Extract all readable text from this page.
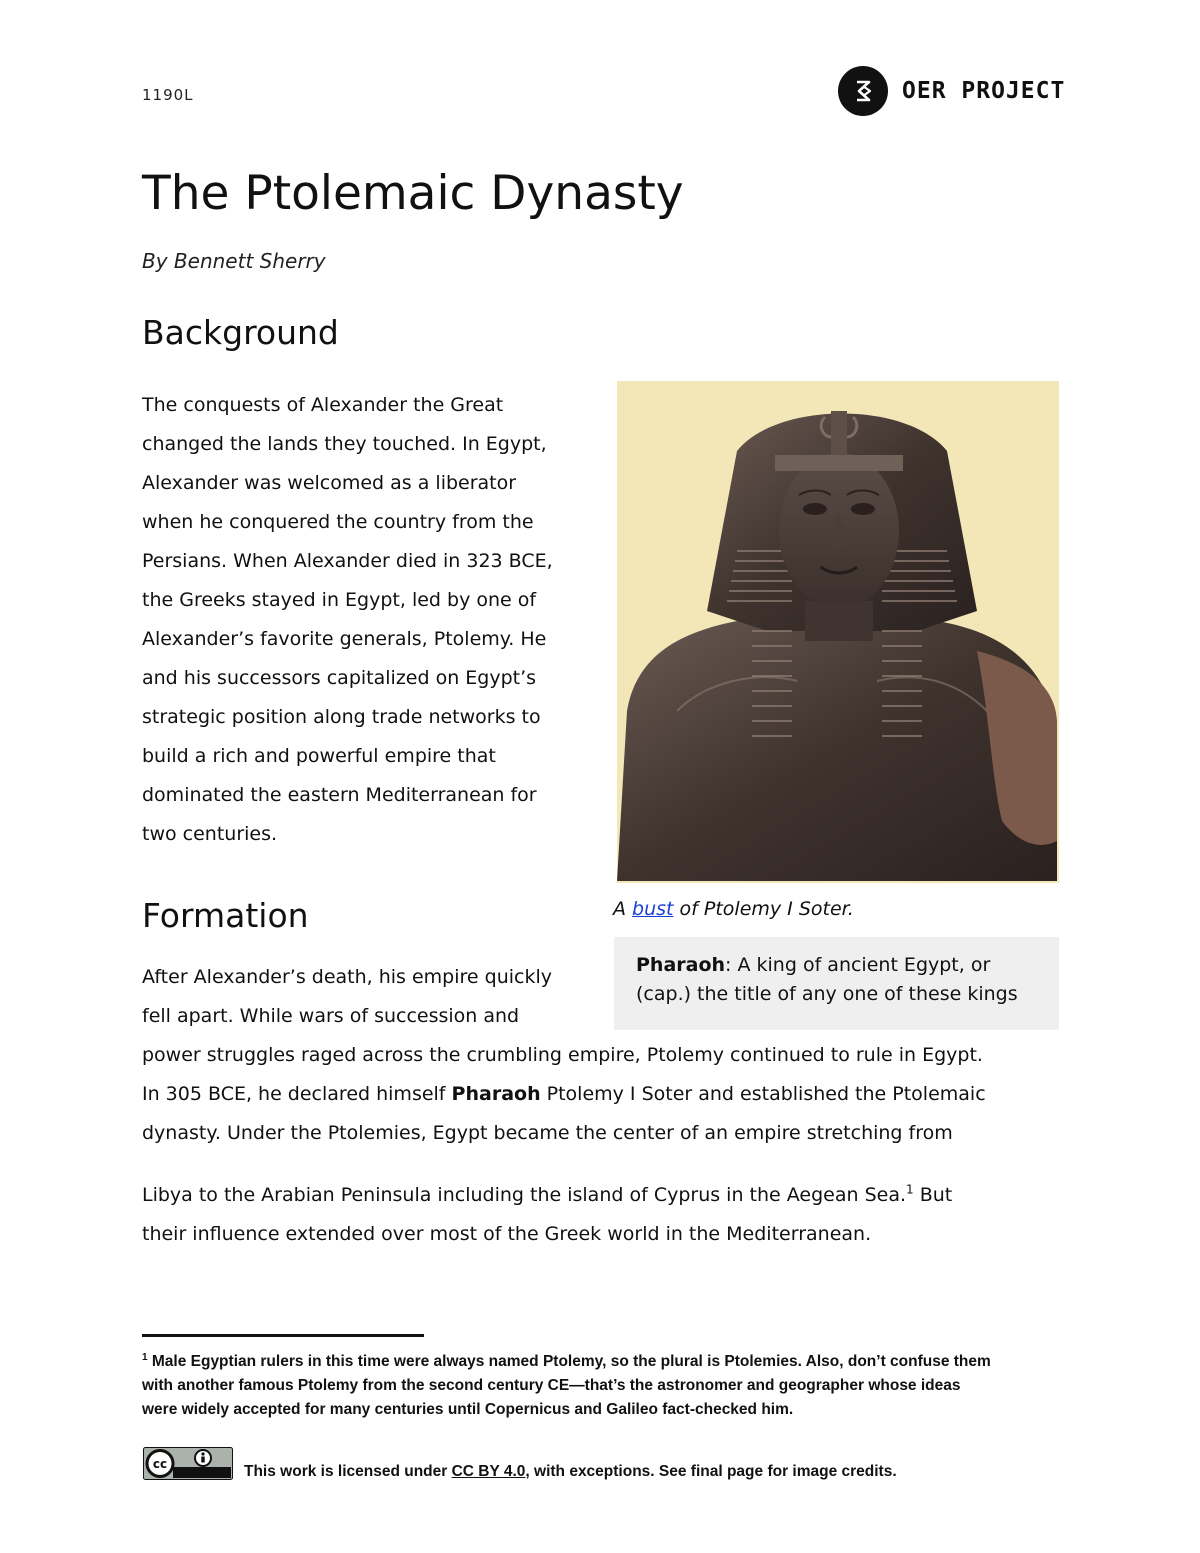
1190L	OER PROJECT
The Ptolemaic Dynasty
By Bennett Sherry
Background
The conquests of Alexander the Great
changed the lands they touched. In Egypt,
Alexander was welcomed as a liberator
when he conquered the country from the
Persians. When Alexander died in 323 BCE,
the Greeks stayed in Egypt, led by one of
Alexander’s favorite generals, Ptolemy. He
and his successors capitalized on Egypt’s
strategic position along trade networks to
build a rich and powerful empire that
dominated the eastern Mediterranean for
two centuries.
A bust of Ptolemy I Soter.
Pharaoh: A king of ancient Egypt, or
(cap.) the title of any one of these kings
Formation
After Alexander’s death, his empire quickly
fell apart. While wars of succession and
power struggles raged across the crumbling empire, Ptolemy continued to rule in Egypt.
In 305 BCE, he declared himself Pharaoh Ptolemy I Soter and established the Ptolemaic
dynasty. Under the Ptolemies, Egypt became the center of an empire stretching from
Libya to the Arabian Peninsula including the island of Cyprus in the Aegean Sea.$^1$ But
their influence extended over most of the Greek world in the Mediterranean.
$^1$ Male Egyptian rulers in this time were always named Ptolemy, so the plural is Ptolemies. Also, don’t confuse them
with another famous Ptolemy from the second century CE—that’s the astronomer and geographer whose ideas
were widely accepted for many centuries until Copernicus and Galileo fact-checked him.
cc	This work is licensed under CC BY 4.0, with exceptions. See final page for image credits.
